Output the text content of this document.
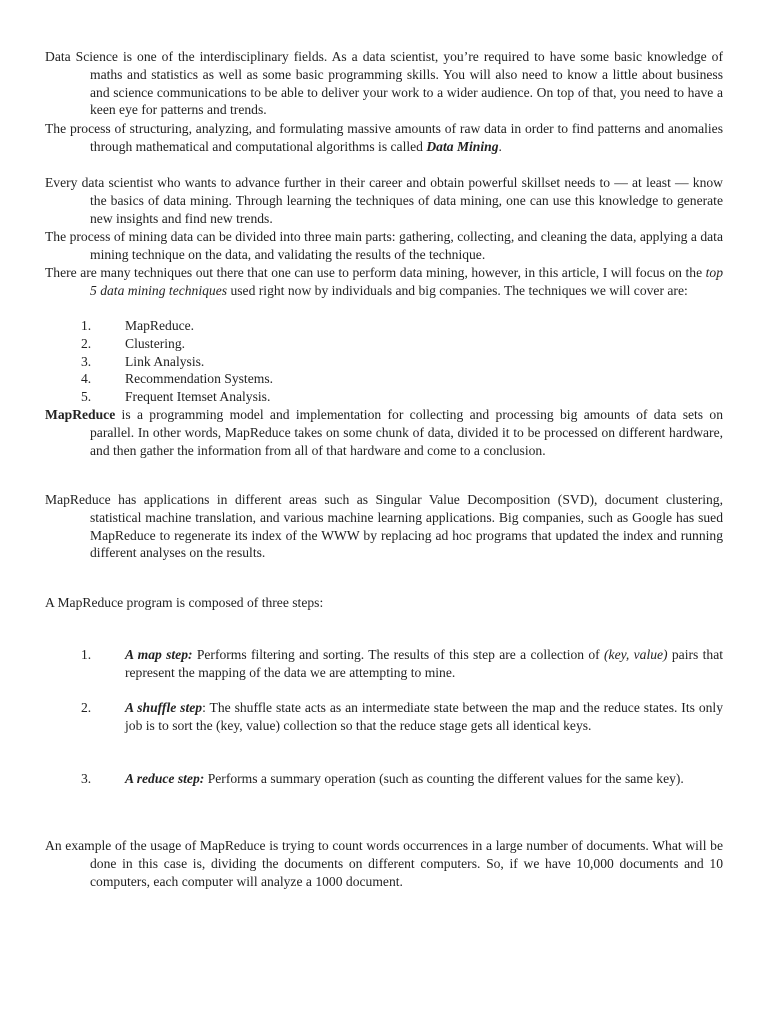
Data Science is one of the interdisciplinary fields. As a data scientist, you’re required to have some basic knowledge of maths and statistics as well as some basic programming skills. You will also need to know a little about business and science communications to be able to deliver your work to a wider audience. On top of that, you need to have a keen eye for patterns and trends.

The process of structuring, analyzing, and formulating massive amounts of raw data in order to find patterns and anomalies through mathematical and computational algorithms is called Data Mining.

Every data scientist who wants to advance further in their career and obtain powerful skillset needs to — at least — know the basics of data mining. Through learning the techniques of data mining, one can use this knowledge to generate new insights and find new trends.

The process of mining data can be divided into three main parts: gathering, collecting, and cleaning the data, applying a data mining technique on the data, and validating the results of the technique.

There are many techniques out there that one can use to perform data mining, however, in this article, I will focus on the top 5 data mining techniques used right now by individuals and big companies. The techniques we will cover are:

1.	MapReduce.
2.	Clustering.
3.	Link Analysis.
4.	Recommendation Systems.
5.	Frequent Itemset Analysis.

MapReduce is a programming model and implementation for collecting and processing big amounts of data sets on parallel. In other words, MapReduce takes on some chunk of data, divided it to be processed on different hardware, and then gather the information from all of that hardware and come to a conclusion.

MapReduce has applications in different areas such as Singular Value Decomposition (SVD), document clustering, statistical machine translation, and various machine learning applications. Big companies, such as Google has sued MapReduce to regenerate its index of the WWW by replacing ad hoc programs that updated the index and running different analyses on the results.

A MapReduce program is composed of three steps:

1.	A map step: Performs filtering and sorting. The results of this step are a collection of (key, value) pairs that represent the mapping of the data we are attempting to mine.
2.	A shuffle step: The shuffle state acts as an intermediate state between the map and the reduce states. Its only job is to sort the (key, value) collection so that the reduce stage gets all identical keys.
3.	A reduce step: Performs a summary operation (such as counting the different values for the same key).

An example of the usage of MapReduce is trying to count words occurrences in a large number of documents. What will be done in this case is, dividing the documents on different computers. So, if we have 10,000 documents and 10 computers, each computer will analyze a 1000 document.
